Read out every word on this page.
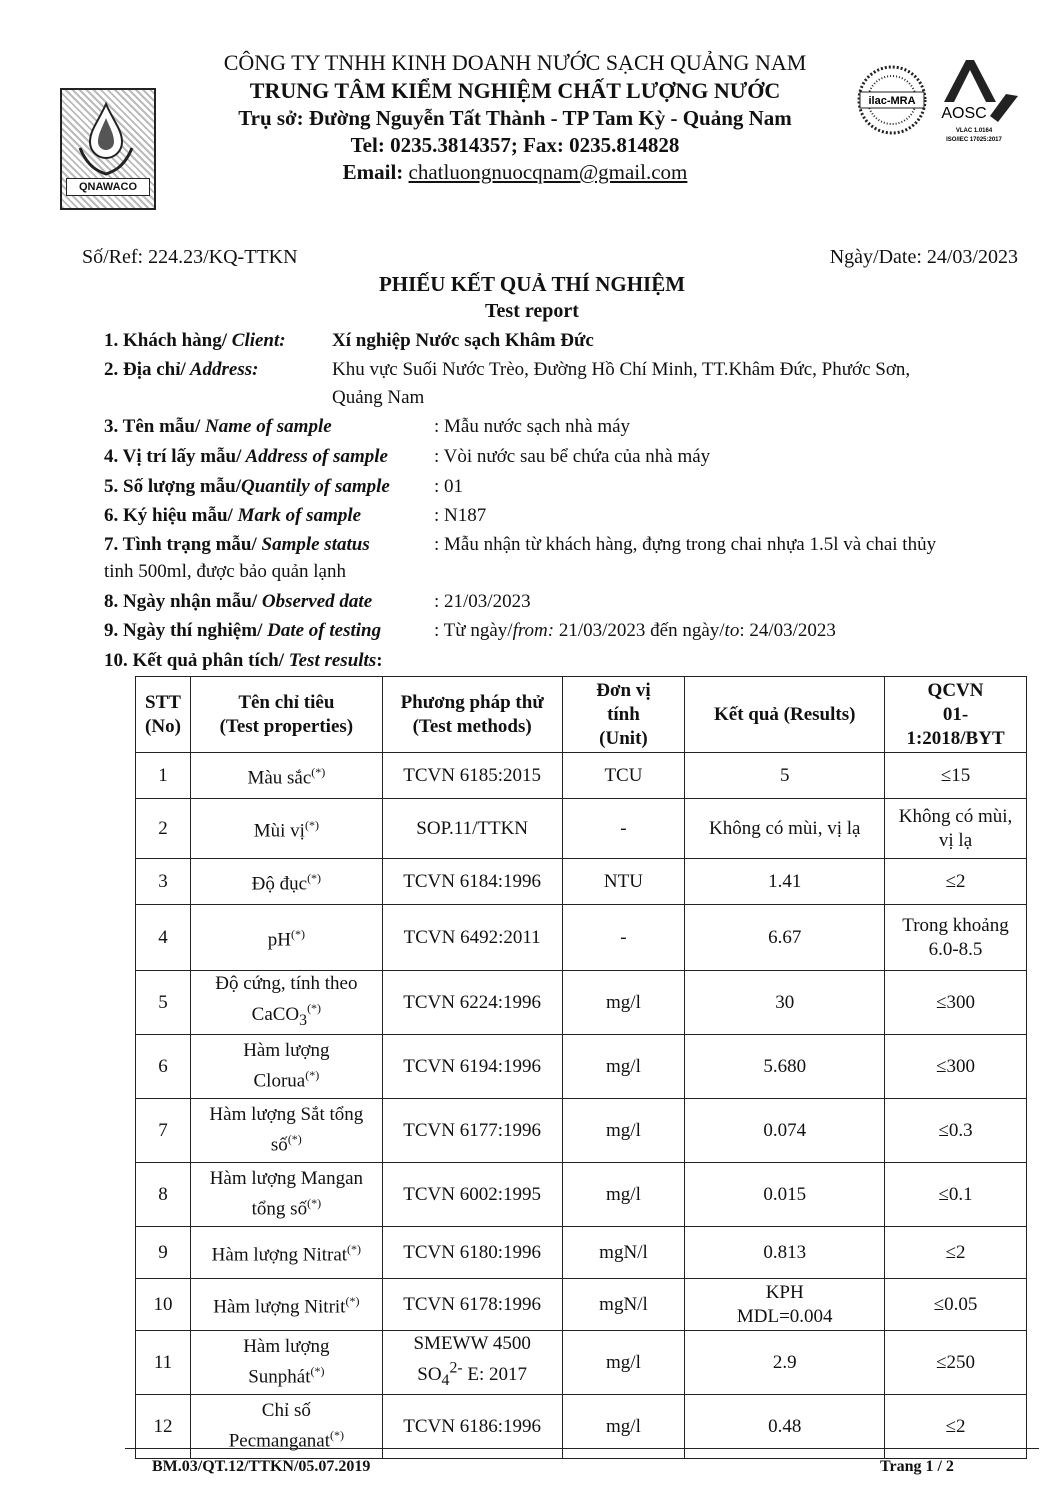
QNAWACO
CÔNG TY TNHH KINH DOANH NƯỚC SẠCH QUẢNG NAM
TRUNG TÂM KIỂM NGHIỆM CHẤT LƯỢNG NƯỚC
Trụ sở: Đường Nguyễn Tất Thành - TP Tam Kỳ - Quảng Nam
Tel: 0235.3814357; Fax: 0235.814828
Email: chatluongnuocqnam@gmail.com
ilac-MRA
AOSC
VLAC 1.0164
ISO/IEC 17025:2017
Số/Ref: 224.23/KQ-TTKN	Ngày/Date: 24/03/2023
PHIẾU KẾT QUẢ THÍ NGHIỆM
Test report
1. Khách hàng/ Client: Xí nghiệp Nước sạch Khâm Đức
2. Địa chỉ/ Address:	Khu vực Suối Nước Trèo, Đường Hồ Chí Minh, TT.Khâm Đức, Phước Sơn,
Quảng Nam
3. Tên mẫu/ Name of sample	: Mẫu nước sạch nhà máy
4. Vị trí lấy mẫu/ Address of sample : Vòi nước sau bể chứa của nhà máy
5. Số lượng mẫu/Quantily of sample : 01
6. Ký hiệu mẫu/ Mark of sample	: N187
7. Tình trạng mẫu/ Sample status	: Mẫu nhận từ khách hàng, đựng trong chai nhựa 1.5l và chai thủy
tinh 500ml, được bảo quản lạnh
8. Ngày nhận mẫu/ Observed date	: 21/03/2023
9. Ngày thí nghiệm/ Date of testing	: Từ ngày/from: 21/03/2023 đến ngày/to: 24/03/2023
10. Kết quả phân tích/ Test results:
STT
(No)	Tên chỉ tiêu
(Test properties)	Phương pháp thử
(Test methods)	Đơn vị
tính
(Unit)	Kết quả (Results)	QCVN
01-
1:2018/BYT
1	Màu sắc(*)	TCVN 6185:2015	TCU	5	≤15
2	Mùi vị(*)	SOP.11/TTKN	-	Không có mùi, vị lạ	Không có mùi,
vị lạ
3	Độ đục(*)	TCVN 6184:1996	NTU	1.41	≤2
4	pH(*)	TCVN 6492:2011	-	6.67	Trong khoảng
6.0-8.5
5	Độ cứng, tính theo
CaCO$_3$(*)	TCVN 6224:1996	mg/l	30	≤300
6	Hàm lượng
Clorua(*)	TCVN 6194:1996	mg/l	5.680	≤300
7	Hàm lượng Sắt tổng
số(*)	TCVN 6177:1996	mg/l	0.074	≤0.3
8	Hàm lượng Mangan
tổng số(*)	TCVN 6002:1995	mg/l	0.015	≤0.1
9	Hàm lượng Nitrat(*)	TCVN 6180:1996	mgN/l	0.813	≤2
10	Hàm lượng Nitrit(*)	TCVN 6178:1996	mgN/l	KPH
MDL=0.004	≤0.05
11	Hàm lượng
Sunphát(*)	SMEWW 4500
$SO_4^{2-}$ E: 2017	mg/l	2.9	≤250
12	Chỉ số
Pecmanganat(*)	TCVN 6186:1996	mg/l	0.48	≤2
BM.03/QT.12/TTKN/05.07.2019	Trang 1 / 2
